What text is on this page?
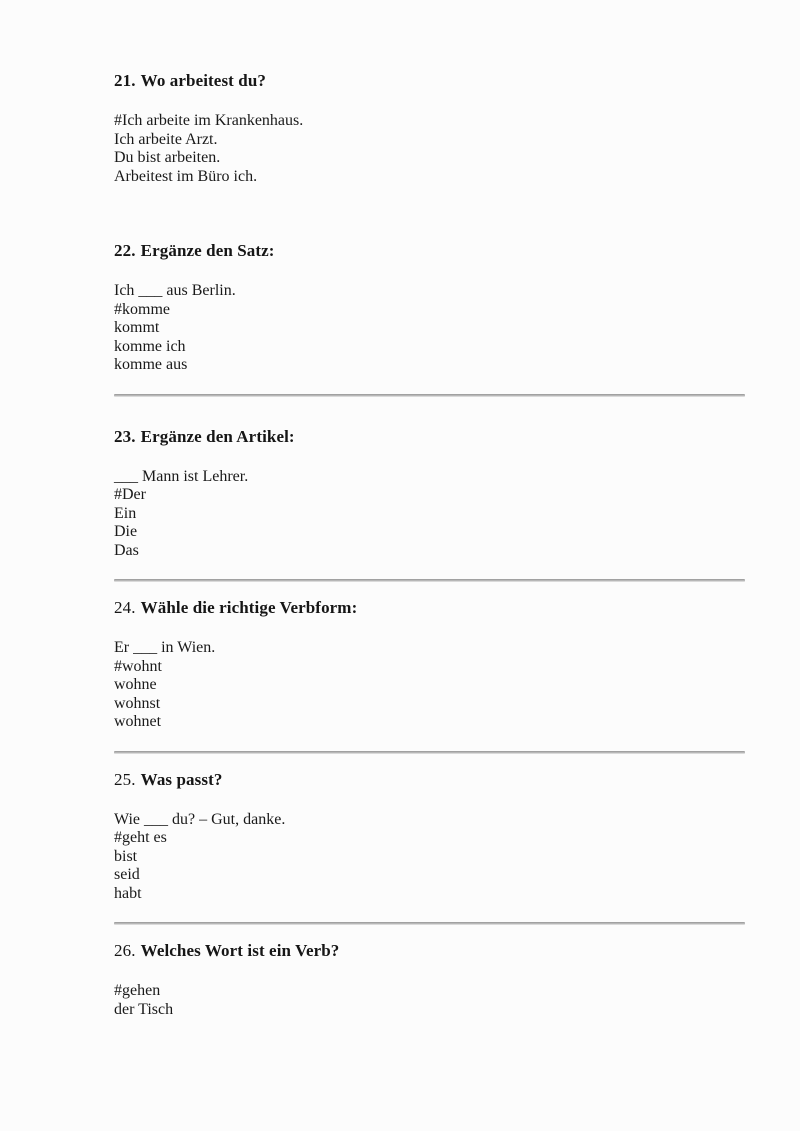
21. Wo arbeitest du?

#Ich arbeite im Krankenhaus.
Ich arbeite Arzt.
Du bist arbeiten.
Arbeitest im Büro ich.

22. Ergänze den Satz:

Ich ___ aus Berlin.
#komme
kommt
komme ich
komme aus

23. Ergänze den Artikel:

___ Mann ist Lehrer.
#Der
Ein
Die
Das

24. Wähle die richtige Verbform:

Er ___ in Wien.
#wohnt
wohne
wohnst
wohnet

25. Was passt?

Wie ___ du? – Gut, danke.
#geht es
bist
seid
habt

26. Welches Wort ist ein Verb?

#gehen
der Tisch
